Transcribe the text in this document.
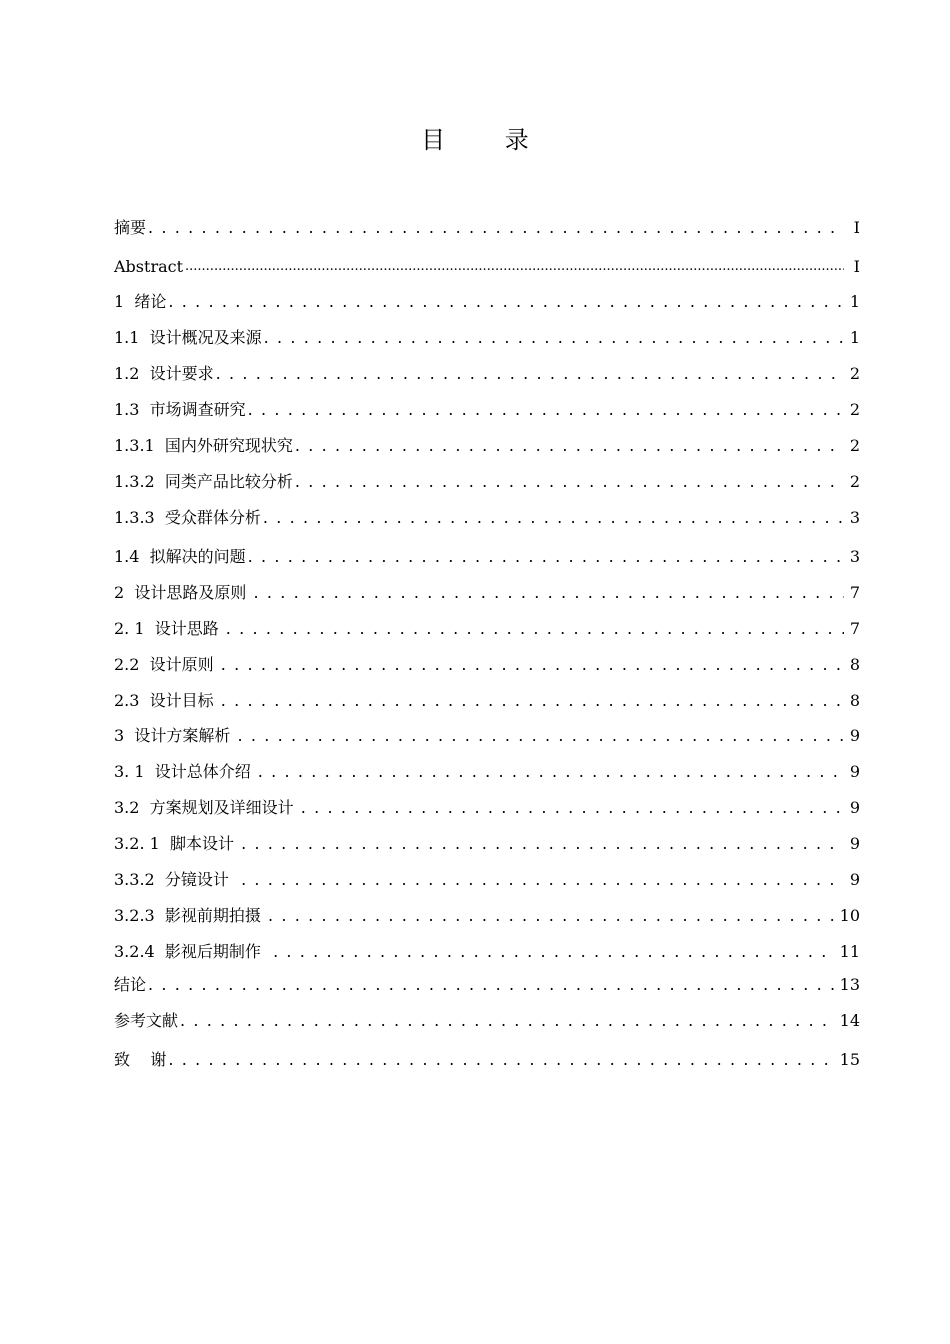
目 录
摘要 . . .	I
Abstract .....	I
1  绪论 . . .	1
1.1  设计概况及来源 . . .	1
1.2  设计要求 . . .	2
1.3  市场调查研究 . . .	2
1.3.1  国内外研究现状究 . . .	2
1.3.2  同类产品比较分析 . . .	2
1.3.3  受众群体分析 . . .	3
1.4  拟解决的问题 . . .	3
2  设计思路及原则 . . .	7
2. 1  设计思路 . . .	7
2.2  设计原则 . . .	8
2.3  设计目标 . . .	8
3  设计方案解析 . . .	9
3. 1  设计总体介绍 . . .	9
3.2  方案规划及详细设计 . . .	9
3.2. 1  脚本设计 . . .	9
3.3.2  分镜设计 . . .	9
3.2.3  影视前期拍摄 . . .	10
3.2.4  影视后期制作 . . .	11
结论 . . .	13
参考文献 . . .	14
致    谢 . . .	15
